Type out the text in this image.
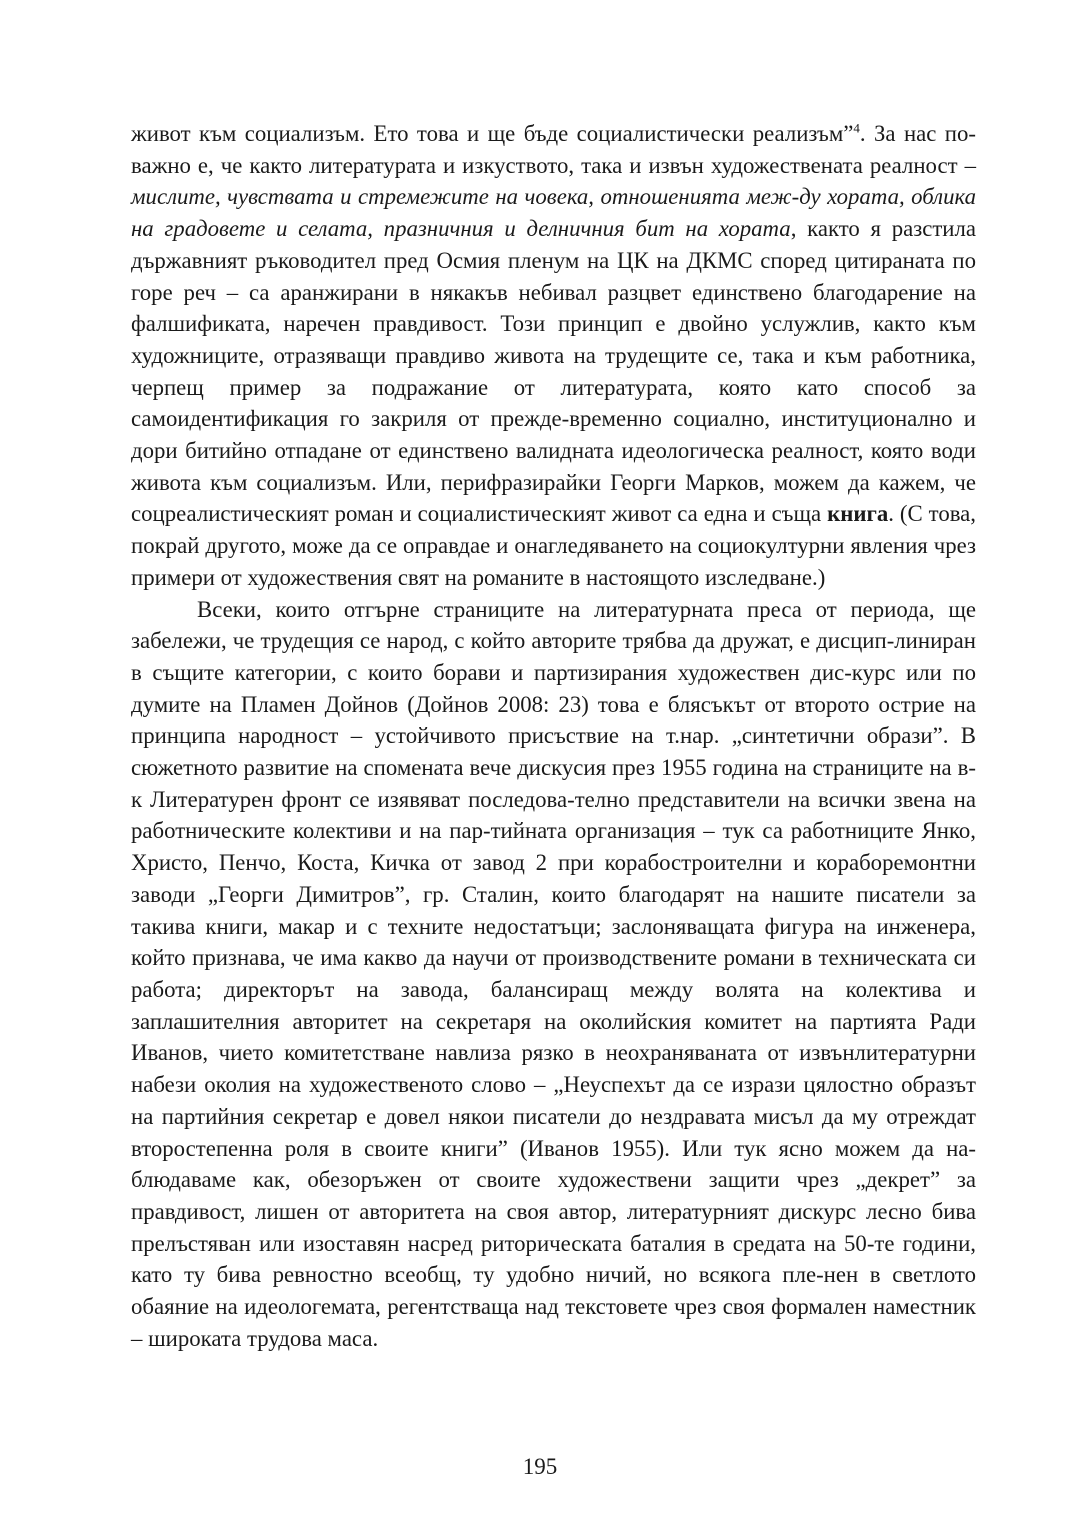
живот към социализъм. Ето това и ще бъде социалистически реализъм”$^4$. За нас по-важно е, че както литературата и изкуството, така и извън художествената реалност – мислите, чувствата и стремежите на човека, отношенията меж-ду хората, облика на градовете и селата, празничния и делничния бит на хората, както я разстила държавният ръководител пред Осмия пленум на ЦК на ДКМС според цитираната по горе реч – са аранжирани в някакъв небивал разцвет единствено благодарение на фалшификата, наречен правдивост. Този принцип е двойно услужлив, както към художниците, отразяващи правдиво живота на трудещите се, така и към работника, черпещ пример за подражание от литературата, която като способ за самоидентификация го закриля от прежде-временно социално, институционално и дори битийно отпадане от единствено валидната идеологическа реалност, която води живота към социализъм. Или, перифразирайки Георги Марков, можем да кажем, че соцреалистическият роман и социалистическият живот са една и съща книга. (С това, покрай другото, може да се оправдае и онагледяването на социокултурни явления чрез примери от художествения свят на романите в настоящото изследване.)

Всеки, които отгърне страниците на литературната преса от периода, ще забележи, че трудещия се народ, с който авторите трябва да дружат, е дисцип-линиран в същите категории, с които борави и партизирания художествен дис-курс или по думите на Пламен Дойнов (Дойнов 2008: 23) това е блясъкът от второто острие на принципа народност – устойчивото присъствие на т.нар. „синтетични образи”. В сюжетното развитие на спомената вече дискусия през 1955 година на страниците на в-к Литературен фронт се изявяват последова-телно представители на всички звена на работническите колективи и на пар-тийната организация – тук са работниците Янко, Христо, Пенчо, Коста, Кичка от завод 2 при корабостроителни и кораборемонтни заводи „Георги Димитров”, гр. Сталин, които благодарят на нашите писатели за такива книги, макар и с техните недостатъци; заслоняващата фигура на инженера, който признава, че има какво да научи от производствените романи в техническата си работа; директорът на завода, балансиращ между волята на колектива и заплашителния авторитет на секретаря на околийския комитет на партията Ради Иванов, чието комитетстване навлиза рязко в неохраняваната от извънлитературни набези околия на художественото слово – „Неуспехът да се изрази цялостно образът на партийния секретар е довел някои писатели до нездравата мисъл да му отреждат второстепенна роля в своите книги” (Иванов 1955). Или тук ясно можем да на-блюдаваме как, обезоръжен от своите художествени защити чрез „декрет” за правдивост, лишен от авторитета на своя автор, литературният дискурс лесно бива прелъстяван или изоставян насред риторическата баталия в средата на 50-те години, като ту бива ревностно всеобщ, ту удобно ничий, но всякога пле-нен в светлото обаяние на идеологемата, регентстваща над текстовете чрез своя формален наместник – широката трудова маса.

195
